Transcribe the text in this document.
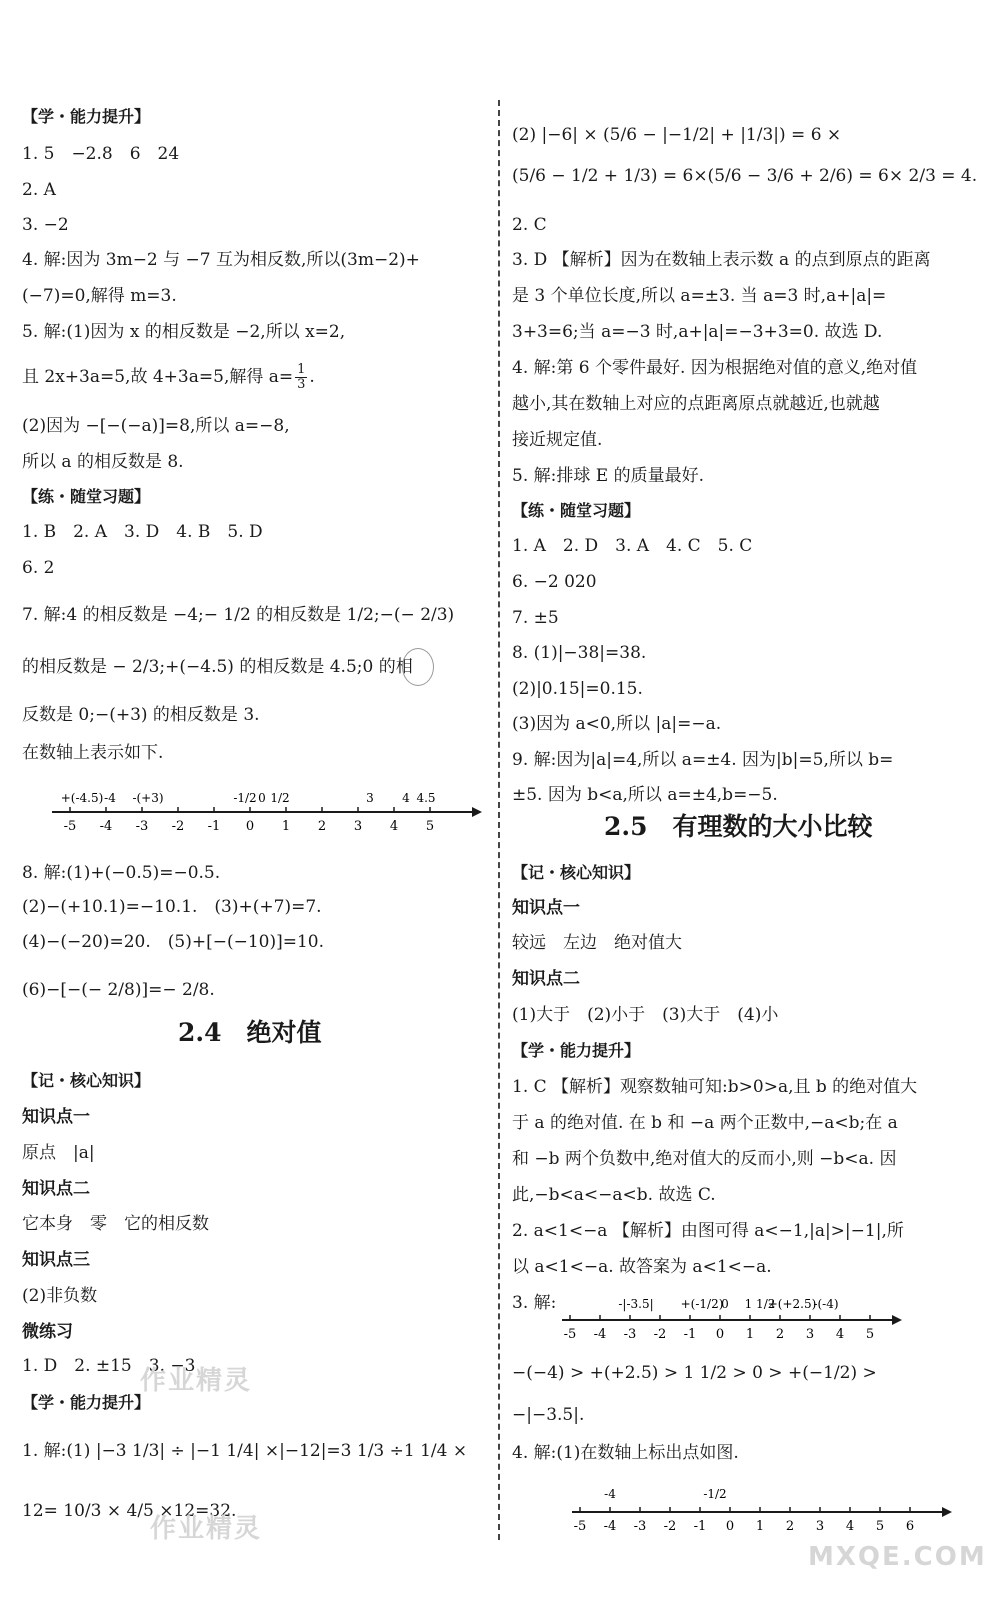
【学・能力提升】
1. 5　−2.8　6　24
2. A
3. −2
4. 解:因为 3m−2 与 −7 互为相反数,所以(3m−2)+
(−7)=0,解得 m=3.
5. 解:(1)因为 x 的相反数是 −2,所以 x=2,
且 2x+3a=5,故 4+3a=5,解得 $a= \frac{1}{3}$ .
(2)因为 −[−(−a)]=8,所以 a=−8,
所以 a 的相反数是 8.
【练・随堂习题】
1. B　2. A　3. D　4. B　5. D
6. 2
7. 解:4 的相反数是 −4;− 1/2 的相反数是 1/2;−(− 2/3)
的相反数是 − 2/3;+(−4.5) 的相反数是 4.5;0 的相
反数是 0;−(+3) 的相反数是 3.
在数轴上表示如下.
-5 -4 -3 -2 -1 0 1 2 3 4 5
+(-4.5) -4 -(+3)	-1/2 0 1/2	3 4 4.5
8. 解:(1)+(−0.5)=−0.5.
(2)−(+10.1)=−10.1.　(3)+(+7)=7.
(4)−(−20)=20.　(5)+[−(−10)]=10.
(6)−[−(− 2/8)]=− 2/8.
2.4　绝对值
【记・核心知识】
知识点一
原点　|a|
知识点二
它本身　零　它的相反数
知识点三
(2)非负数
微练习
1. D　2. ±15　3. −3
【学・能力提升】
1. 解:(1) |−3 1/3| ÷ |−1 1/4| ×|−12|=3 1/3 ÷1 1/4 ×
12= 10/3 × 4/5 ×12=32.
(2) |−6| × (5/6 − |−1/2| + |1/3|) = 6 ×
(5/6 − 1/2 + 1/3) = 6×(5/6 − 3/6 + 2/6) = 6× 2/3 = 4.
2. C
3. D 【解析】因为在数轴上表示数 a 的点到原点的距离
是 3 个单位长度,所以 a=±3. 当 a=3 时,a+|a|=
3+3=6;当 a=−3 时,a+|a|=−3+3=0. 故选 D.
4. 解:第 6 个零件最好. 因为根据绝对值的意义,绝对值
越小,其在数轴上对应的点距离原点就越近,也就越
接近规定值.
5. 解:排球 E 的质量最好.
【练・随堂习题】
1. A　2. D　3. A　4. C　5. C
6. −2 020
7. ±5
8. (1)|−38|=38.
(2)|0.15|=0.15.
(3)因为 a<0,所以 |a|=−a.
9. 解:因为|a|=4,所以 a=±4. 因为|b|=5,所以 b=
±5. 因为 b<a,所以 a=±4,b=−5.
2.5　有理数的大小比较
【记・核心知识】
知识点一
较远　左边　绝对值大
知识点二
(1)大于　(2)小于　(3)大于　(4)小
【学・能力提升】
1. C 【解析】观察数轴可知:b>0>a,且 b 的绝对值大
于 a 的绝对值. 在 b 和 −a 两个正数中,−a<b;在 a
和 −b 两个负数中,绝对值大的反而小,则 −b<a. 因
此,−b<a<−a<b. 故选 C.
2. a<1<−a 【解析】由图可得 a<−1,|a|>|−1|,所
以 a<1<−a. 故答案为 a<1<−a.
3. 解:
-5 -4 -3 -2 -1 0 1 2 3 4 5
-|-3.5| +(-1/2)
0 1 1/2
+(+2.5)
-(-4)
−(−4) > +(+2.5) > 1 1/2 > 0 > +(−1/2) >
−|−3.5|.
4. 解:(1)在数轴上标出点如图.
-5 -4 -3 -2 -1 0 1 2 3 4 5 6
-4	-1/2
作业精灵
作业精灵
MXQE.COM
